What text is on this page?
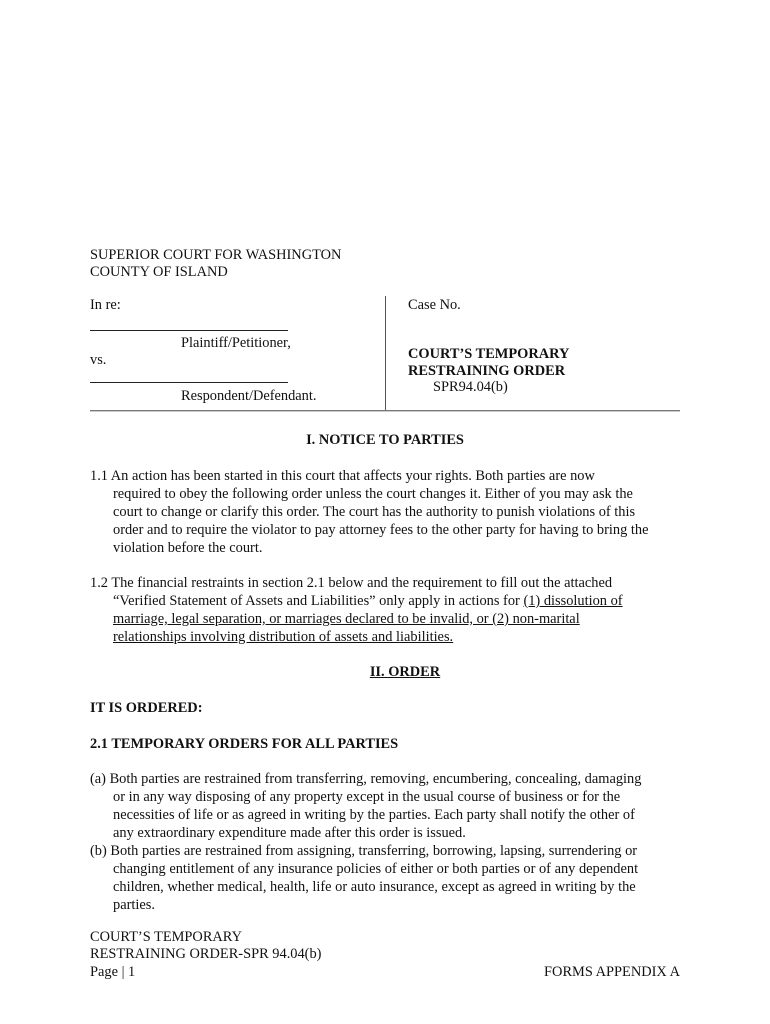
SUPERIOR COURT FOR WASHINGTON
COUNTY OF ISLAND
In re:
Plaintiff/Petitioner,
vs.
Respondent/Defendant.
Case No.
COURT’S TEMPORARY
RESTRAINING ORDER
SPR94.04(b)
I. NOTICE TO PARTIES
1.1 An action has been started in this court that affects your rights. Both parties are now
required to obey the following order unless the court changes it. Either of you may ask the
court to change or clarify this order. The court has the authority to punish violations of this
order and to require the violator to pay attorney fees to the other party for having to bring the
violation before the court.
1.2 The financial restraints in section 2.1 below and the requirement to fill out the attached
“Verified Statement of Assets and Liabilities” only apply in actions for (1) dissolution of
marriage, legal separation, or marriages declared to be invalid, or (2) non-marital
relationships involving distribution of assets and liabilities.
II. ORDER
IT IS ORDERED:
2.1 TEMPORARY ORDERS FOR ALL PARTIES
(a) Both parties are restrained from transferring, removing, encumbering, concealing, damaging
or in any way disposing of any property except in the usual course of business or for the
necessities of life or as agreed in writing by the parties. Each party shall notify the other of
any extraordinary expenditure made after this order is issued.
(b) Both parties are restrained from assigning, transferring, borrowing, lapsing, surrendering or
changing entitlement of any insurance policies of either or both parties or of any dependent
children, whether medical, health, life or auto insurance, except as agreed in writing by the
parties.
COURT’S TEMPORARY
RESTRAINING ORDER-SPR 94.04(b)
Page | 1	FORMS APPENDIX A
